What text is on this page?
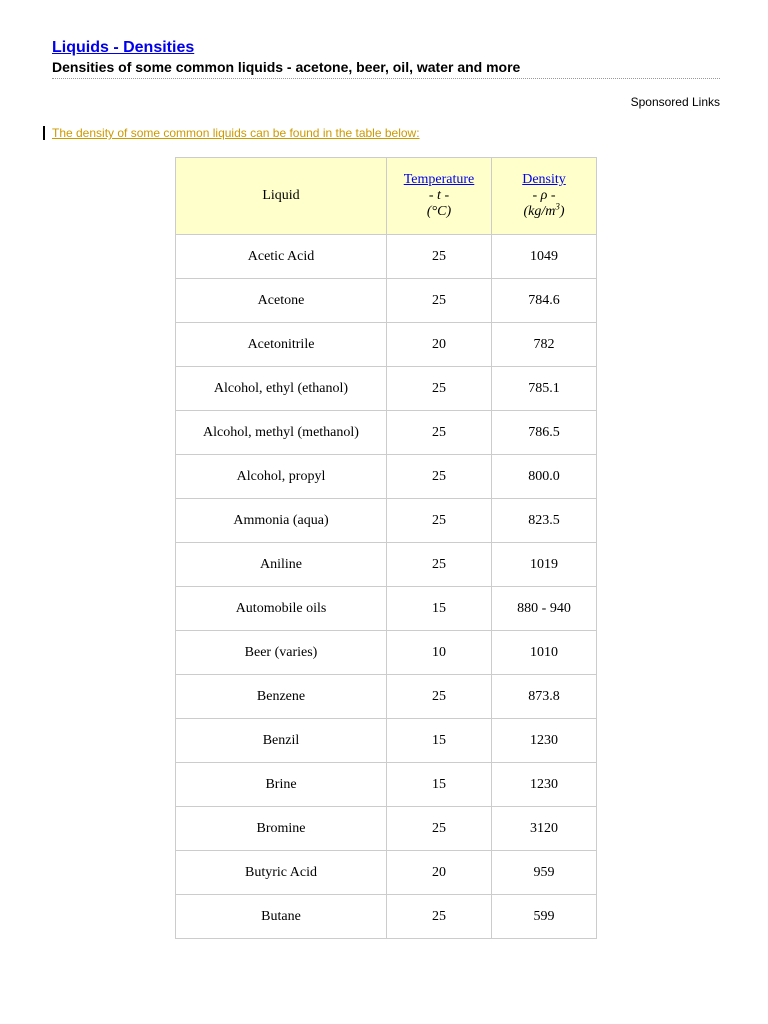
Liquids - Densities
Densities of some common liquids - acetone, beer, oil, water and more
Sponsored Links
The density of some common liquids can be found in the table below:
Liquid	Temperature
- t -
(°C)	Density
- ρ -
$(kg/m^3)$

Acetic Acid	25	1049
Acetone	25	784.6
Acetonitrile	20	782
Alcohol, ethyl (ethanol)	25	785.1
Alcohol, methyl (methanol)	25	786.5
Alcohol, propyl	25	800.0
Ammonia (aqua)	25	823.5
Aniline	25	1019
Automobile oils	15	880 - 940
Beer (varies)	10	1010
Benzene	25	873.8
Benzil	15	1230
Brine	15	1230
Bromine	25	3120
Butyric Acid	20	959
Butane	25	599
